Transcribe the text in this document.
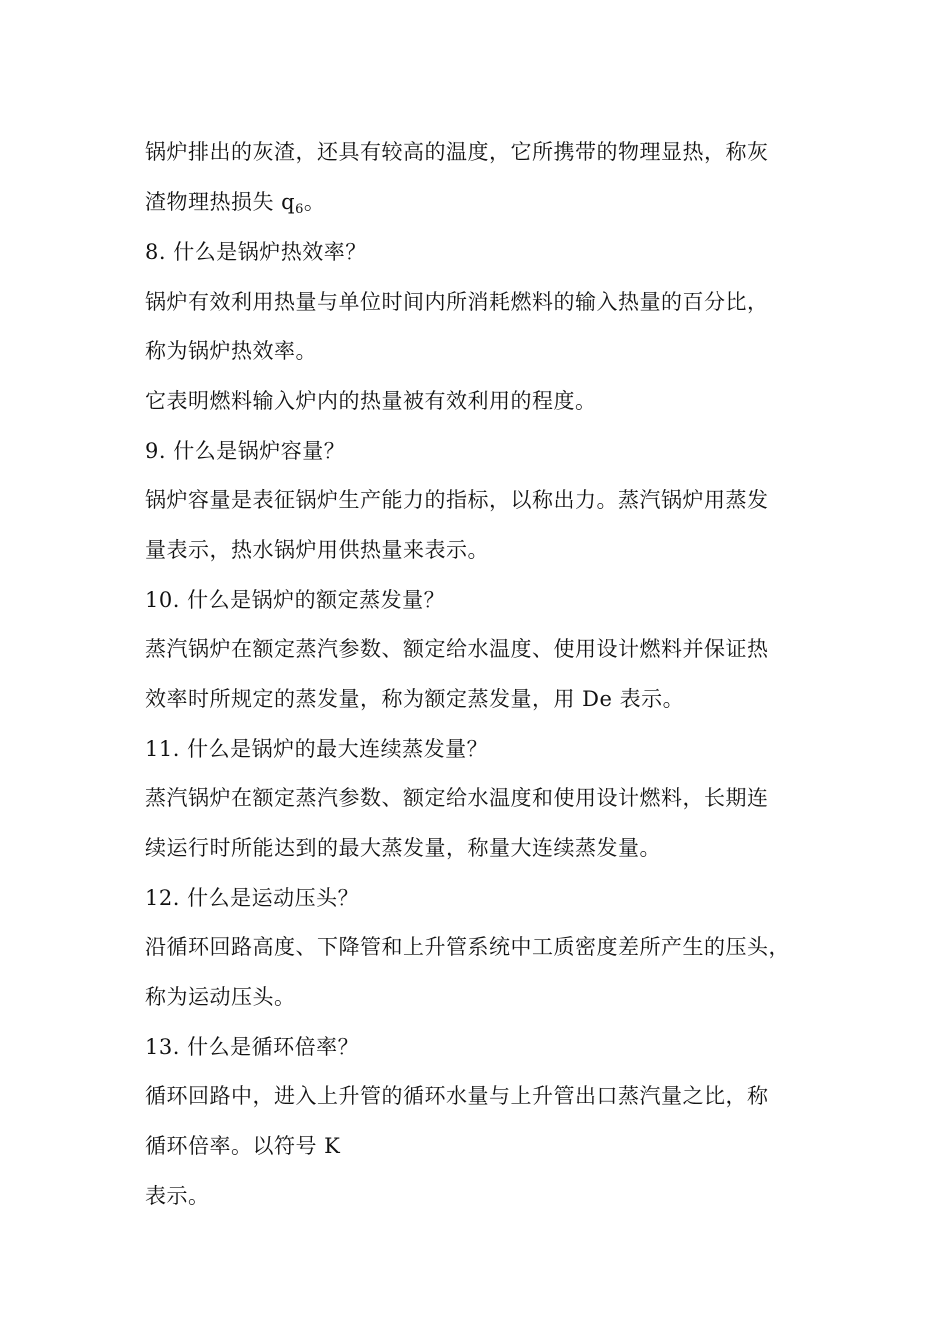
锅炉排出的灰渣，还具有较高的温度，它所携带的物理显热，称灰
渣物理热损失 $q_6$。
8. 什么是锅炉热效率？
锅炉有效利用热量与单位时间内所消耗燃料的输入热量的百分比，
称为锅炉热效率。
它表明燃料输入炉内的热量被有效利用的程度。
9. 什么是锅炉容量？
锅炉容量是表征锅炉生产能力的指标，以称出力。蒸汽锅炉用蒸发
量表示，热水锅炉用供热量来表示。
10. 什么是锅炉的额定蒸发量？
蒸汽锅炉在额定蒸汽参数、额定给水温度、使用设计燃料并保证热
效率时所规定的蒸发量，称为额定蒸发量，用 De 表示。
11. 什么是锅炉的最大连续蒸发量？
蒸汽锅炉在额定蒸汽参数、额定给水温度和使用设计燃料，长期连
续运行时所能达到的最大蒸发量，称量大连续蒸发量。
12. 什么是运动压头？
沿循环回路高度、下降管和上升管系统中工质密度差所产生的压头，
称为运动压头。
13. 什么是循环倍率？
循环回路中，进入上升管的循环水量与上升管出口蒸汽量之比，称
循环倍率。以符号 K
表示。
